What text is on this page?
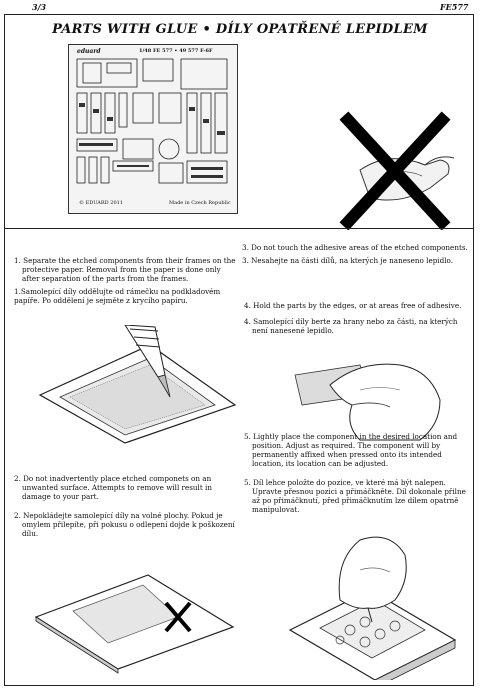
3/3	FE577
PARTS WITH GLUE • DÍLY OPATŘENÉ LEPIDLEM
eduard	1/48 FE 577 • 49 577 F-6F
© EDUARD 2011	Made in Czech Republic
1. Separate the etched components from their frames on the protective paper. Removal from the paper is done only after separation of the parts from the frames.
1.Samolepící díly oddělujte od rámečku na podkladovém papíře. Po oddělení je sejměte z krycího papíru.
2. Do not inadvertently place etched componets on an unwanted surface. Attempts to remove will result in damage to your part.
2. Nepokládejte samolepící díly na volné plochy. Pokud je omylem přilepíte, při pokusu o odlepení dojde k poškození dílu.
3. Do not touch the adhesive areas of the etched components.
3. Nesahejte na části dílů, na kterých je naneseno lepidlo.
4. Hold the parts by the edges, or at areas free of adhesive.
4. Samolepící díly berte za hrany nebo za části, na kterých není nanesené lepidlo.
5. Lightly place the component in the desired location and position. Adjust as required. The component will by permanently affixed when pressed onto its intended location, its location can be adjusted.
5. Díl lehce položte do pozice, ve které má být nalepen. Upravte přesnou pozici a přimáčkněte. Díl dokonale přilne až po přimáčknutí, před přimáčknutím lze dílem opatrně manipulovat.
